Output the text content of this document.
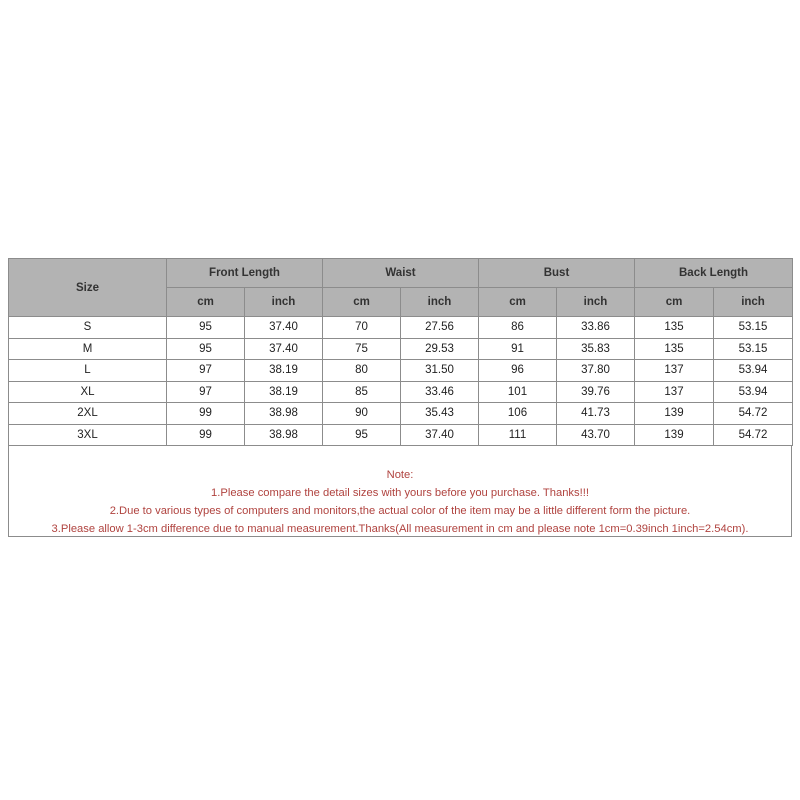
Size	Front Length		Waist		Bust		Back Length	
	cm	inch	cm	inch	cm	inch	cm	inch
S	95	37.40	70	27.56	86	33.86	135	53.15
M	95	37.40	75	29.53	91	35.83	135	53.15
L	97	38.19	80	31.50	96	37.80	137	53.94
XL	97	38.19	85	33.46	101	39.76	137	53.94
2XL	99	38.98	90	35.43	106	41.73	139	54.72
3XL	99	38.98	95	37.40	111	43.70	139	54.72
Note:
1.Please compare the detail sizes with yours before you purchase. Thanks!!!
2.Due to various types of computers and monitors,the actual color of the item may be a little different form the picture.
3.Please allow 1-3cm difference due to manual measurement.Thanks(All measurement in cm and please note 1cm=0.39inch 1inch=2.54cm).
